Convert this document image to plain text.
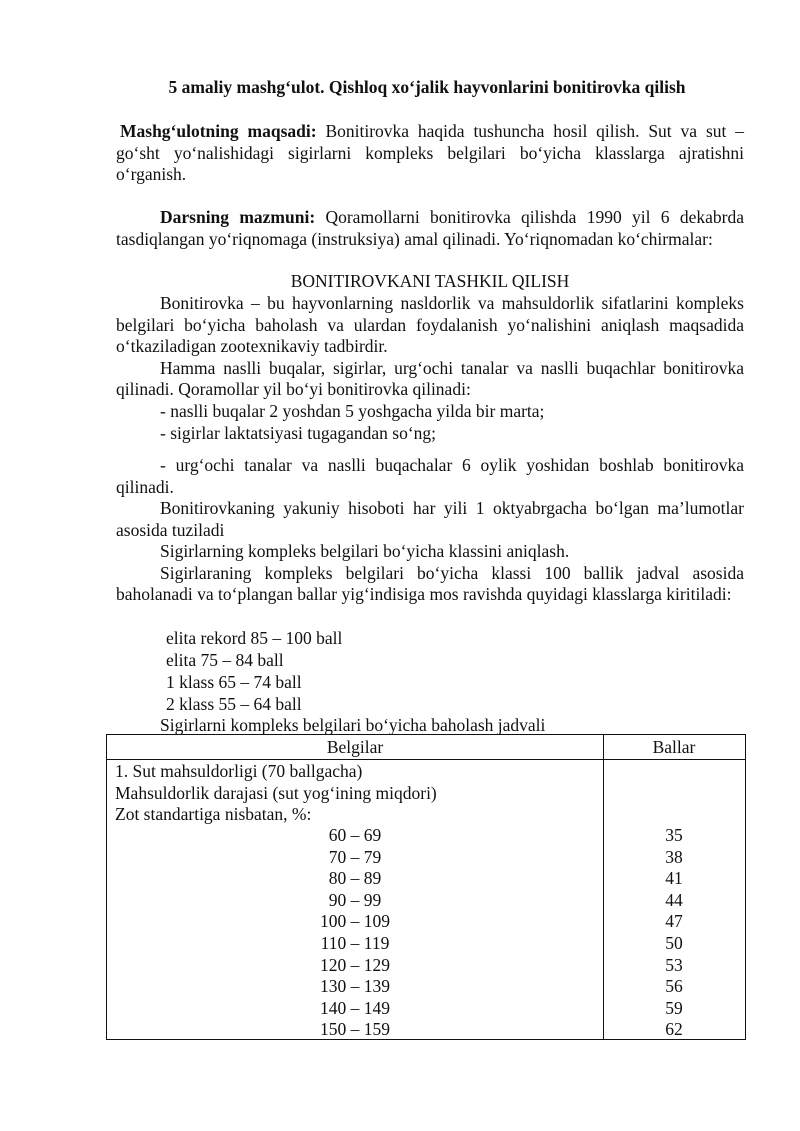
5 amaliy mashg‘ulot. Qishloq xo‘jalik hayvonlarini bonitirovka qilish

Mashg‘ulotning maqsadi: Bonitirovka haqida tushuncha hosil qilish. Sut va sut – go‘sht yo‘nalishidagi sigirlarni kompleks belgilari bo‘yicha klasslarga ajratishni o‘rganish.

Darsning mazmuni: Qoramollarni bonitirovka qilishda 1990 yil 6 dekabrda tasdiqlangan yo‘riqnomaga (instruksiya) amal qilinadi. Yo‘riqnomadan ko‘chirmalar:

BONITIROVKANI TASHKIL QILISH

Bonitirovka – bu hayvonlarning nasldorlik va mahsuldorlik sifatlarini kompleks belgilari bo‘yicha baholash va ulardan foydalanish yo‘nalishini aniqlash maqsadida o‘tkaziladigan zootexnikaviy tadbirdir.

Hamma naslli buqalar, sigirlar, urg‘ochi tanalar va naslli buqachlar bonitirovka qilinadi. Qoramollar yil bo‘yi bonitirovka qilinadi:

- naslli buqalar 2 yoshdan 5 yoshgacha yilda bir marta;
- sigirlar laktatsiyasi tugagandan so‘ng;

- urg‘ochi tanalar va naslli buqachalar 6 oylik yoshidan boshlab bonitirovka qilinadi.

Bonitirovkaning yakuniy hisoboti har yili 1 oktyabrgacha bo‘lgan ma’lumotlar asosida tuziladi

Sigirlarning kompleks belgilari bo‘yicha klassini aniqlash.

Sigirlaraning kompleks belgilari bo‘yicha klassi 100 ballik jadval asosida baholanadi va to‘plangan ballar yig‘indisiga mos ravishda quyidagi klasslarga kiritiladi:

elita rekord 85 – 100 ball
elita 75 – 84 ball
1 klass 65 – 74 ball
2 klass 55 – 64 ball
Sigirlarni kompleks belgilari bo‘yicha baholash jadvali
Belgilar	Ballar
1. Sut mahsuldorligi (70 ballgacha)
Mahsuldorlik darajasi (sut yog‘ining miqdori)
Zot standartiga nisbatan, %:
60 – 69	35
70 – 79	38
80 – 89	41
90 – 99	44
100 – 109	47
110 – 119	50
120 – 129	53
130 – 139	56
140 – 149	59
150 – 159	62
